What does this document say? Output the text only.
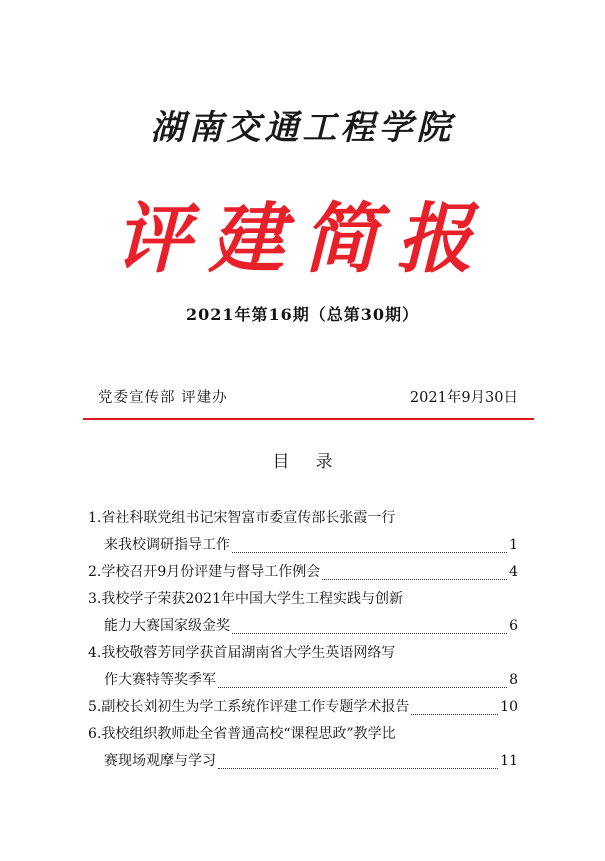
湖南交通工程学院
评建简报
2021年第16期（总第30期）
党委宣传部 评建办	2021年9月30日
目录
1.省社科联党组书记宋智富市委宣传部长张霞一行
来我校调研指导工作	1
2.学校召开9月份评建与督导工作例会	4
3.我校学子荣获2021年中国大学生工程实践与创新
能力大赛国家级金奖	6
4.我校敬蓉芳同学获首届湖南省大学生英语网络写
作大赛特等奖季军	8
5.副校长刘初生为学工系统作评建工作专题学术报告	10
6.我校组织教师赴全省普通高校“课程思政”教学比
赛现场观摩与学习	11
